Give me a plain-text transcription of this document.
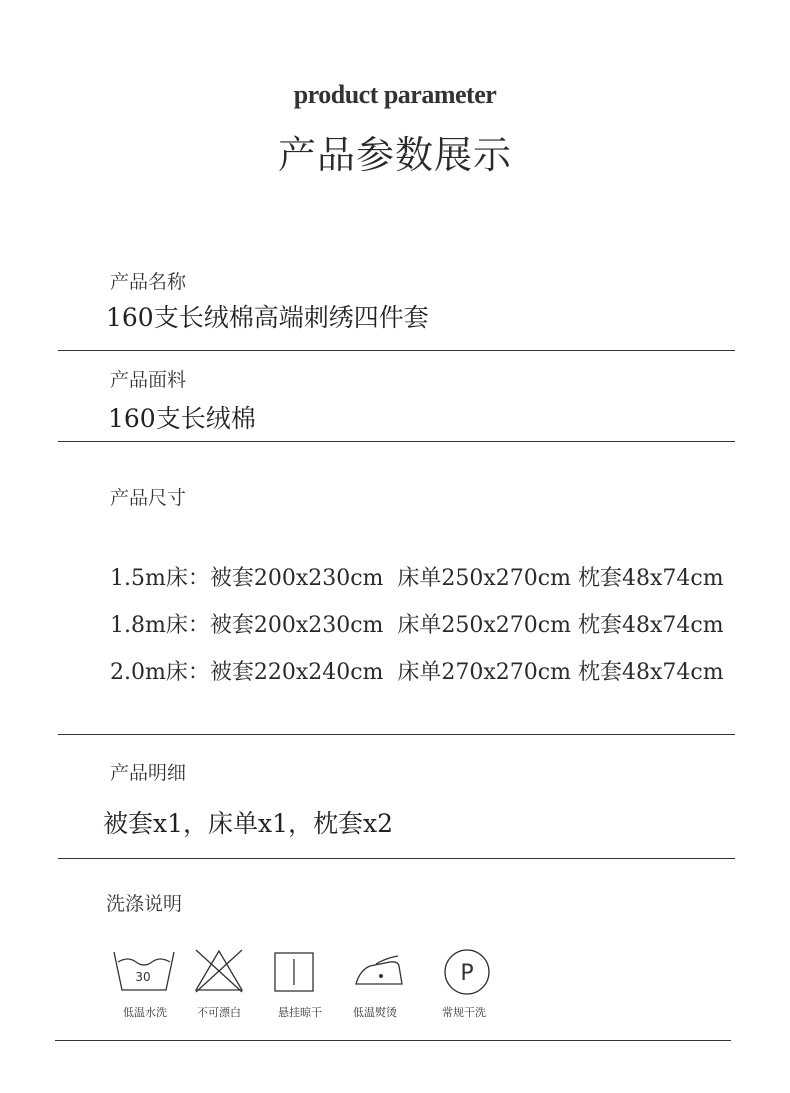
product parameter
产品参数展示
产品名称
160支长绒棉高端刺绣四件套
产品面料
160支长绒棉
产品尺寸
1.5m床：被套200x230cm  床单250x270cm 枕套48x74cm
1.8m床：被套200x230cm  床单250x270cm 枕套48x74cm
2.0m床：被套220x240cm  床单270x270cm 枕套48x74cm
产品明细
被套x1，床单x1，枕套x2
洗涤说明
30
低温水洗	不可漂白	悬挂晾干	低温熨烫
P
常规干洗
